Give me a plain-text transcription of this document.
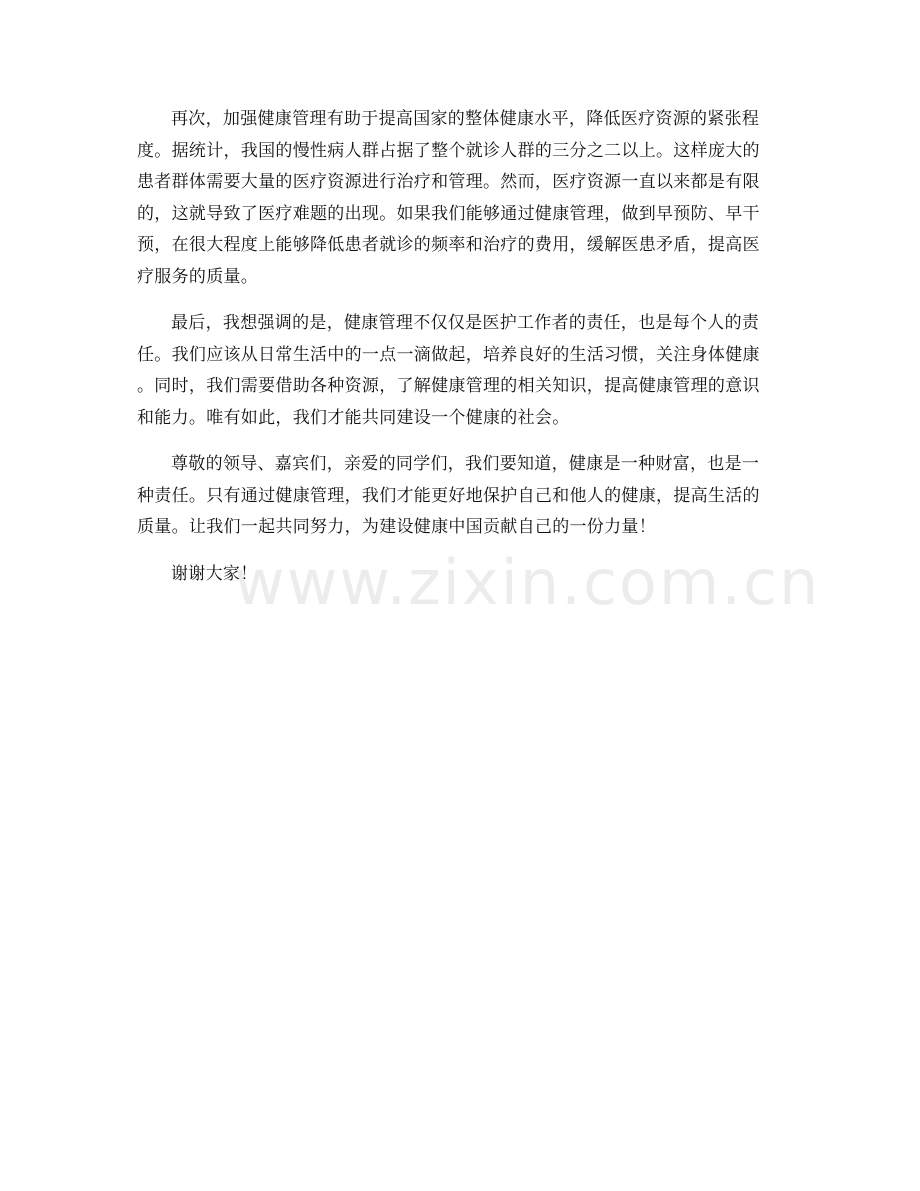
再次，加强健康管理有助于提高国家的整体健康水平，降低医疗资源的紧张程
度。据统计，我国的慢性病人群占据了整个就诊人群的三分之二以上。这样庞大的
患者群体需要大量的医疗资源进行治疗和管理。然而，医疗资源一直以来都是有限
的，这就导致了医疗难题的出现。如果我们能够通过健康管理，做到早预防、早干
预，在很大程度上能够降低患者就诊的频率和治疗的费用，缓解医患矛盾，提高医
疗服务的质量。

最后，我想强调的是，健康管理不仅仅是医护工作者的责任，也是每个人的责
任。我们应该从日常生活中的一点一滴做起，培养良好的生活习惯，关注身体健康
。同时，我们需要借助各种资源，了解健康管理的相关知识，提高健康管理的意识
和能力。唯有如此，我们才能共同建设一个健康的社会。

尊敬的领导、嘉宾们，亲爱的同学们，我们要知道，健康是一种财富，也是一
种责任。只有通过健康管理，我们才能更好地保护自己和他人的健康，提高生活的
质量。让我们一起共同努力，为建设健康中国贡献自己的一份力量！

谢谢大家！

www.zixin.com.cn
